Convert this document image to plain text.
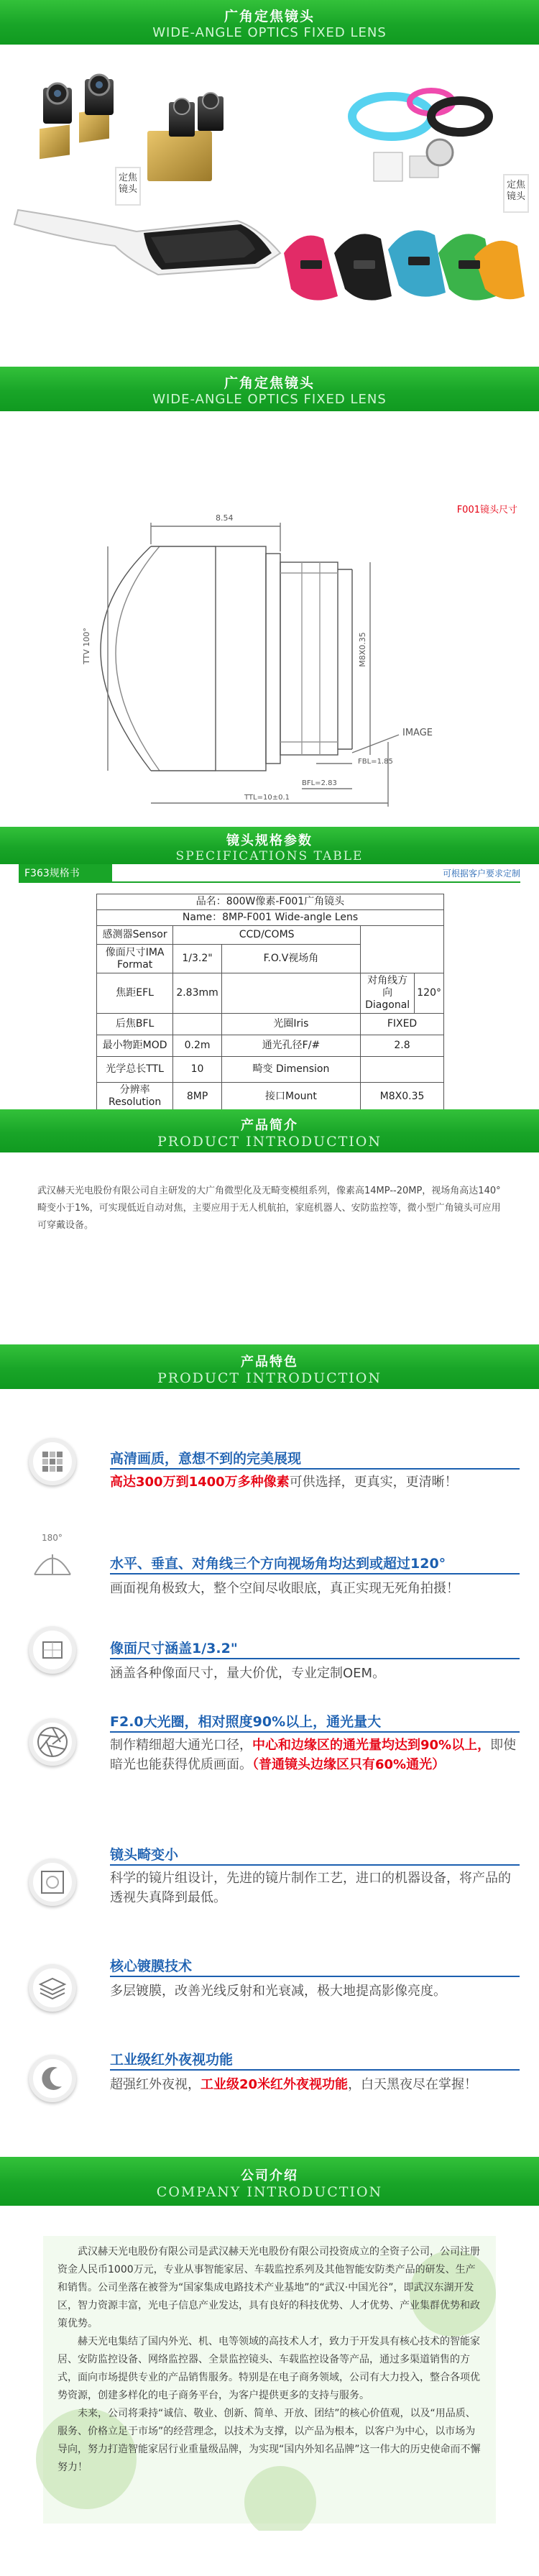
广角定焦镜头
WIDE-ANGLE OPTICS FIXED LENS
定焦镜头	定焦镜头
广角定焦镜头
WIDE-ANGLE OPTICS FIXED LENS
F001镜头尺寸
8.54
TTV 100°	M8X0.35
BFL=2.83
FBL=1.85
TTL=10±0.1
IMAGE
镜头规格参数
SPECIFICATIONS TABLE
F363规格书	可根据客户要求定制
品名：800W像素-F001广角镜头				
Name：8MP-F001 Wide-angle Lens				
感测器Sensor	CCD/COMS			
像面尺寸IMA Format	1/3.2"	F.O.V视场角		
焦距EFL	2.83mm		对角线方向 Diagonal	120°
后焦BFL		光圈Iris	FIXED	
最小物距MOD	0.2m	通光孔径F/#	2.8	
光学总长TTL	10	畸变 Dimension		
分辨率 Resolution	8MP	接口Mount	M8X0.35	
产品简介
PRODUCT INTRODUCTION
武汉赫天光电股份有限公司自主研发的大广角微型化及无畸变模组系列，像素高14MP--20MP，视场角高达140°畸变小于1%，可实现低近自动对焦，主要应用于无人机航拍，家庭机器人、安防监控等，微小型广角镜头可应用可穿戴设备。
产品特色
PRODUCT INTRODUCTION
高清画质，意想不到的完美展现
高达300万到1400万多种像素可供选择，更真实，更清晰！
180°
水平、垂直、对角线三个方向视场角均达到或超过120°
画面视角极致大，整个空间尽收眼底，真正实现无死角拍摄！
像面尺寸涵盖1/3.2"
涵盖各种像面尺寸，量大价优，专业定制OEM。
F2.0大光圈，相对照度90%以上，通光量大
制作精细超大通光口径，中心和边缘区的通光量均达到90%以上，即使暗光也能获得优质画面。（普通镜头边缘区只有60%通光）
镜头畸变小
科学的镜片组设计，先进的镜片制作工艺，进口的机器设备，将产品的透视失真降到最低。
核心镀膜技术
多层镀膜，改善光线反射和光衰减，极大地提高影像亮度。
工业级红外夜视功能
超强红外夜视，工业级20米红外夜视功能，白天黑夜尽在掌握！
公司介绍
COMPANY INTRODUCTION

武汉赫天光电股份有限公司是武汉赫天光电股份有限公司投资成立的全资子公司，公司注册资金人民币1000万元，专业从事智能家居、车载监控系列及其他智能安防类产品的研发、生产和销售。公司坐落在被誉为“国家集成电路技术产业基地”的“武汉·中国光谷”，即武汉东湖开发区，智力资源丰富，光电子信息产业发达，具有良好的科技优势、人才优势、产业集群优势和政策优势。

赫天光电集结了国内外光、机、电等领域的高技术人才，致力于开发具有核心技术的智能家居、安防监控设备、网络监控器、全景监控镜头、车载监控设备等产品，通过多渠道销售的方式，面向市场提供专业的产品销售服务。特别是在电子商务领域，公司有大力投入，整合各项优势资源，创建多样化的电子商务平台，为客户提供更多的支持与服务。

未来，公司将秉持“诚信、敬业、创新、简单、开放、团结”的核心价值观，以及“用品质、服务、价格立足于市场”的经营理念，以技术为支撑，以产品为根本，以客户为中心，以市场为导向，努力打造智能家居行业重量级品牌，为实现“国内外知名品牌”这一伟大的历史使命而不懈努力！
